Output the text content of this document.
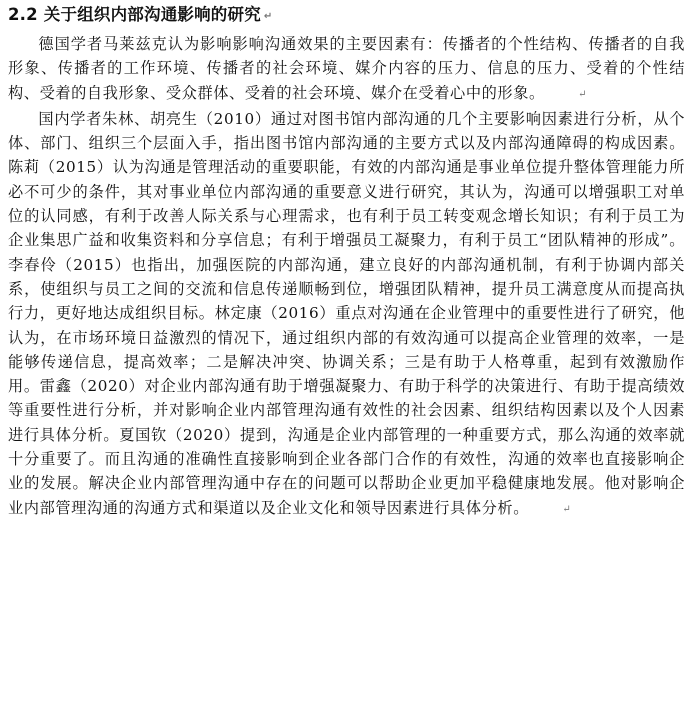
2.2 关于组织内部沟通影响的研究 ↵

德国学者马莱兹克认为影响影响沟通效果的主要因素有：传播者的个性结构、传播者的自我形象、传播者的工作环境、传播者的社会环境、媒介内容的压力、信息的压力、受着的个性结构、受着的自我形象、受众群体、受着的社会环境、媒介在受着心中的形象。	↵

国内学者朱林、胡亮生（2010）通过对图书馆内部沟通的几个主要影响因素进行分析，从个体、部门、组织三个层面入手，指出图书馆内部沟通的主要方式以及内部沟通障碍的构成因素。陈莉（2015）认为沟通是管理活动的重要职能，有效的内部沟通是事业单位提升整体管理能力所必不可少的条件，其对事业单位内部沟通的重要意义进行研究，其认为，沟通可以增强职工对单位的认同感，有利于改善人际关系与心理需求，也有利于员工转变观念增长知识；有利于员工为企业集思广益和收集资料和分享信息；有利于增强员工凝聚力，有利于员工“团队精神的形成”。李春伶（2015）也指出，加强医院的内部沟通，建立良好的内部沟通机制，有利于协调内部关系，使组织与员工之间的交流和信息传递顺畅到位，增强团队精神，提升员工满意度从而提高执行力，更好地达成组织目标。林定康（2016）重点对沟通在企业管理中的重要性进行了研究，他认为，在市场环境日益激烈的情况下，通过组织内部的有效沟通可以提高企业管理的效率，一是能够传递信息，提高效率；二是解决冲突、协调关系；三是有助于人格尊重，起到有效激励作用。雷鑫（2020）对企业内部沟通有助于增强凝聚力、有助于科学的决策进行、有助于提高绩效等重要性进行分析，并对影响企业内部管理沟通有效性的社会因素、组织结构因素以及个人因素进行具体分析。夏国钦（2020）提到，沟通是企业内部管理的一种重要方式，那么沟通的效率就十分重要了。而且沟通的准确性直接影响到企业各部门合作的有效性，沟通的效率也直接影响企业的发展。解决企业内部管理沟通中存在的问题可以帮助企业更加平稳健康地发展。他对影响企业内部管理沟通的沟通方式和渠道以及企业文化和领导因素进行具体分析。	↵
